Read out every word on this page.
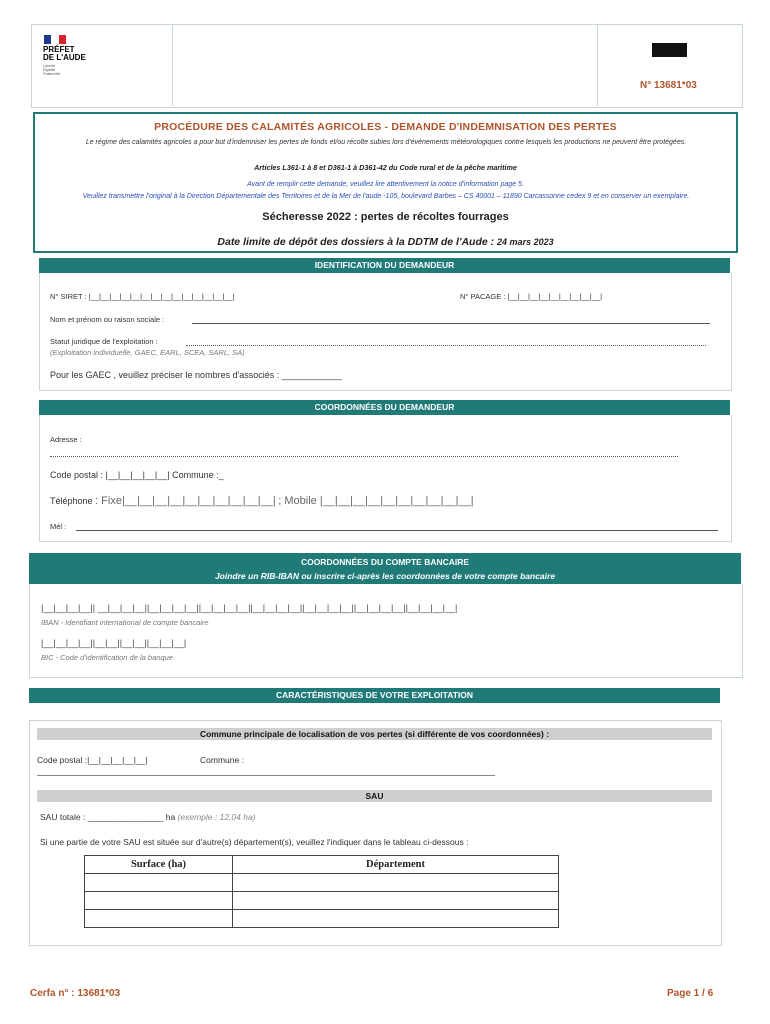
PRÉFET
DE L'AUDE
Liberté
Égalité
Fraternité
N° 13681*03
PROCÉDURE DES CALAMITÉS AGRICOLES - DEMANDE D'INDEMNISATION DES PERTES
Le régime des calamités agricoles a pour but d'indemniser les pertes de fonds et/ou récolte subies lors d'événements météorologiques contre lesquels les productions ne peuvent être protégées.
Articles L361-1 à 8 et D361-1 à D361-42 du Code rural et de la pêche maritime
Avant de remplir cette demande, veuillez lire attentivement la notice d'information page 5.
Veuillez transmettre l'original à la Direction Départementale des Territoires et de la Mer de l'aude -105, boulevard Barbes – CS 40001 – 11890 Carcassonne cedex 9 et en conserver un exemplaire.
Sécheresse 2022 : pertes de récoltes fourrages
Date limite de dépôt des dossiers à la DDTM de l'Aude : 24 mars 2023
IDENTIFICATION DU DEMANDEUR
N° SIRET : |__|__|__|__|__|__|__|__|__|__|__|__|__|__|	N° PACAGE : |__|__|__|__|__|__|__|__|__|
Nom et prénom ou raison sociale :
Statut juridique de l'exploitation :
(Exploitation individuelle, GAEC, EARL, SCEA, SARL, SA)
Pour les GAEC , veuillez préciser le nombres d'associés : ____________
COORDONNÉES DU DEMANDEUR
Adresse :
Code postal : |__|__|__|__|__| Commune :_
Téléphone : Fixe|__|__|__|__|__|__|__|__|__|__| ; Mobile |__|__|__|__|__|__|__|__|__|__|
Mél :
COORDONNÉES DU COMPTE BANCAIRE
Joindre un RIB-IBAN ou inscrire ci-après les coordonnées de votre compte bancaire
|__|__|__|__|| __|__|__|__||__|__|__|__||__|__|__|__||__|__|__|__||__|__|__|__||__|__|__|__||__|__|__|__|
IBAN - Identifiant international de compte bancaire
|__|__|__|__||__|__||__|__||__|__|__|
BIC - Code d'identification de la banque
CARACTÉRISTIQUES DE VOTRE EXPLOITATION
Commune principale de localisation de vos pertes (si différente de vos coordonnées) :
Code postal :|__|__|__|__|__|	Commune :
SAU
SAU totale : ________________ ha (exemple : 12,04 ha)
Si une partie de votre SAU est située sur d'autre(s) département(s), veuillez l'indiquer dans le tableau ci-dessous :
Surface (ha)	Département

Cerfa n° : 13681*03	Page 1 / 6
